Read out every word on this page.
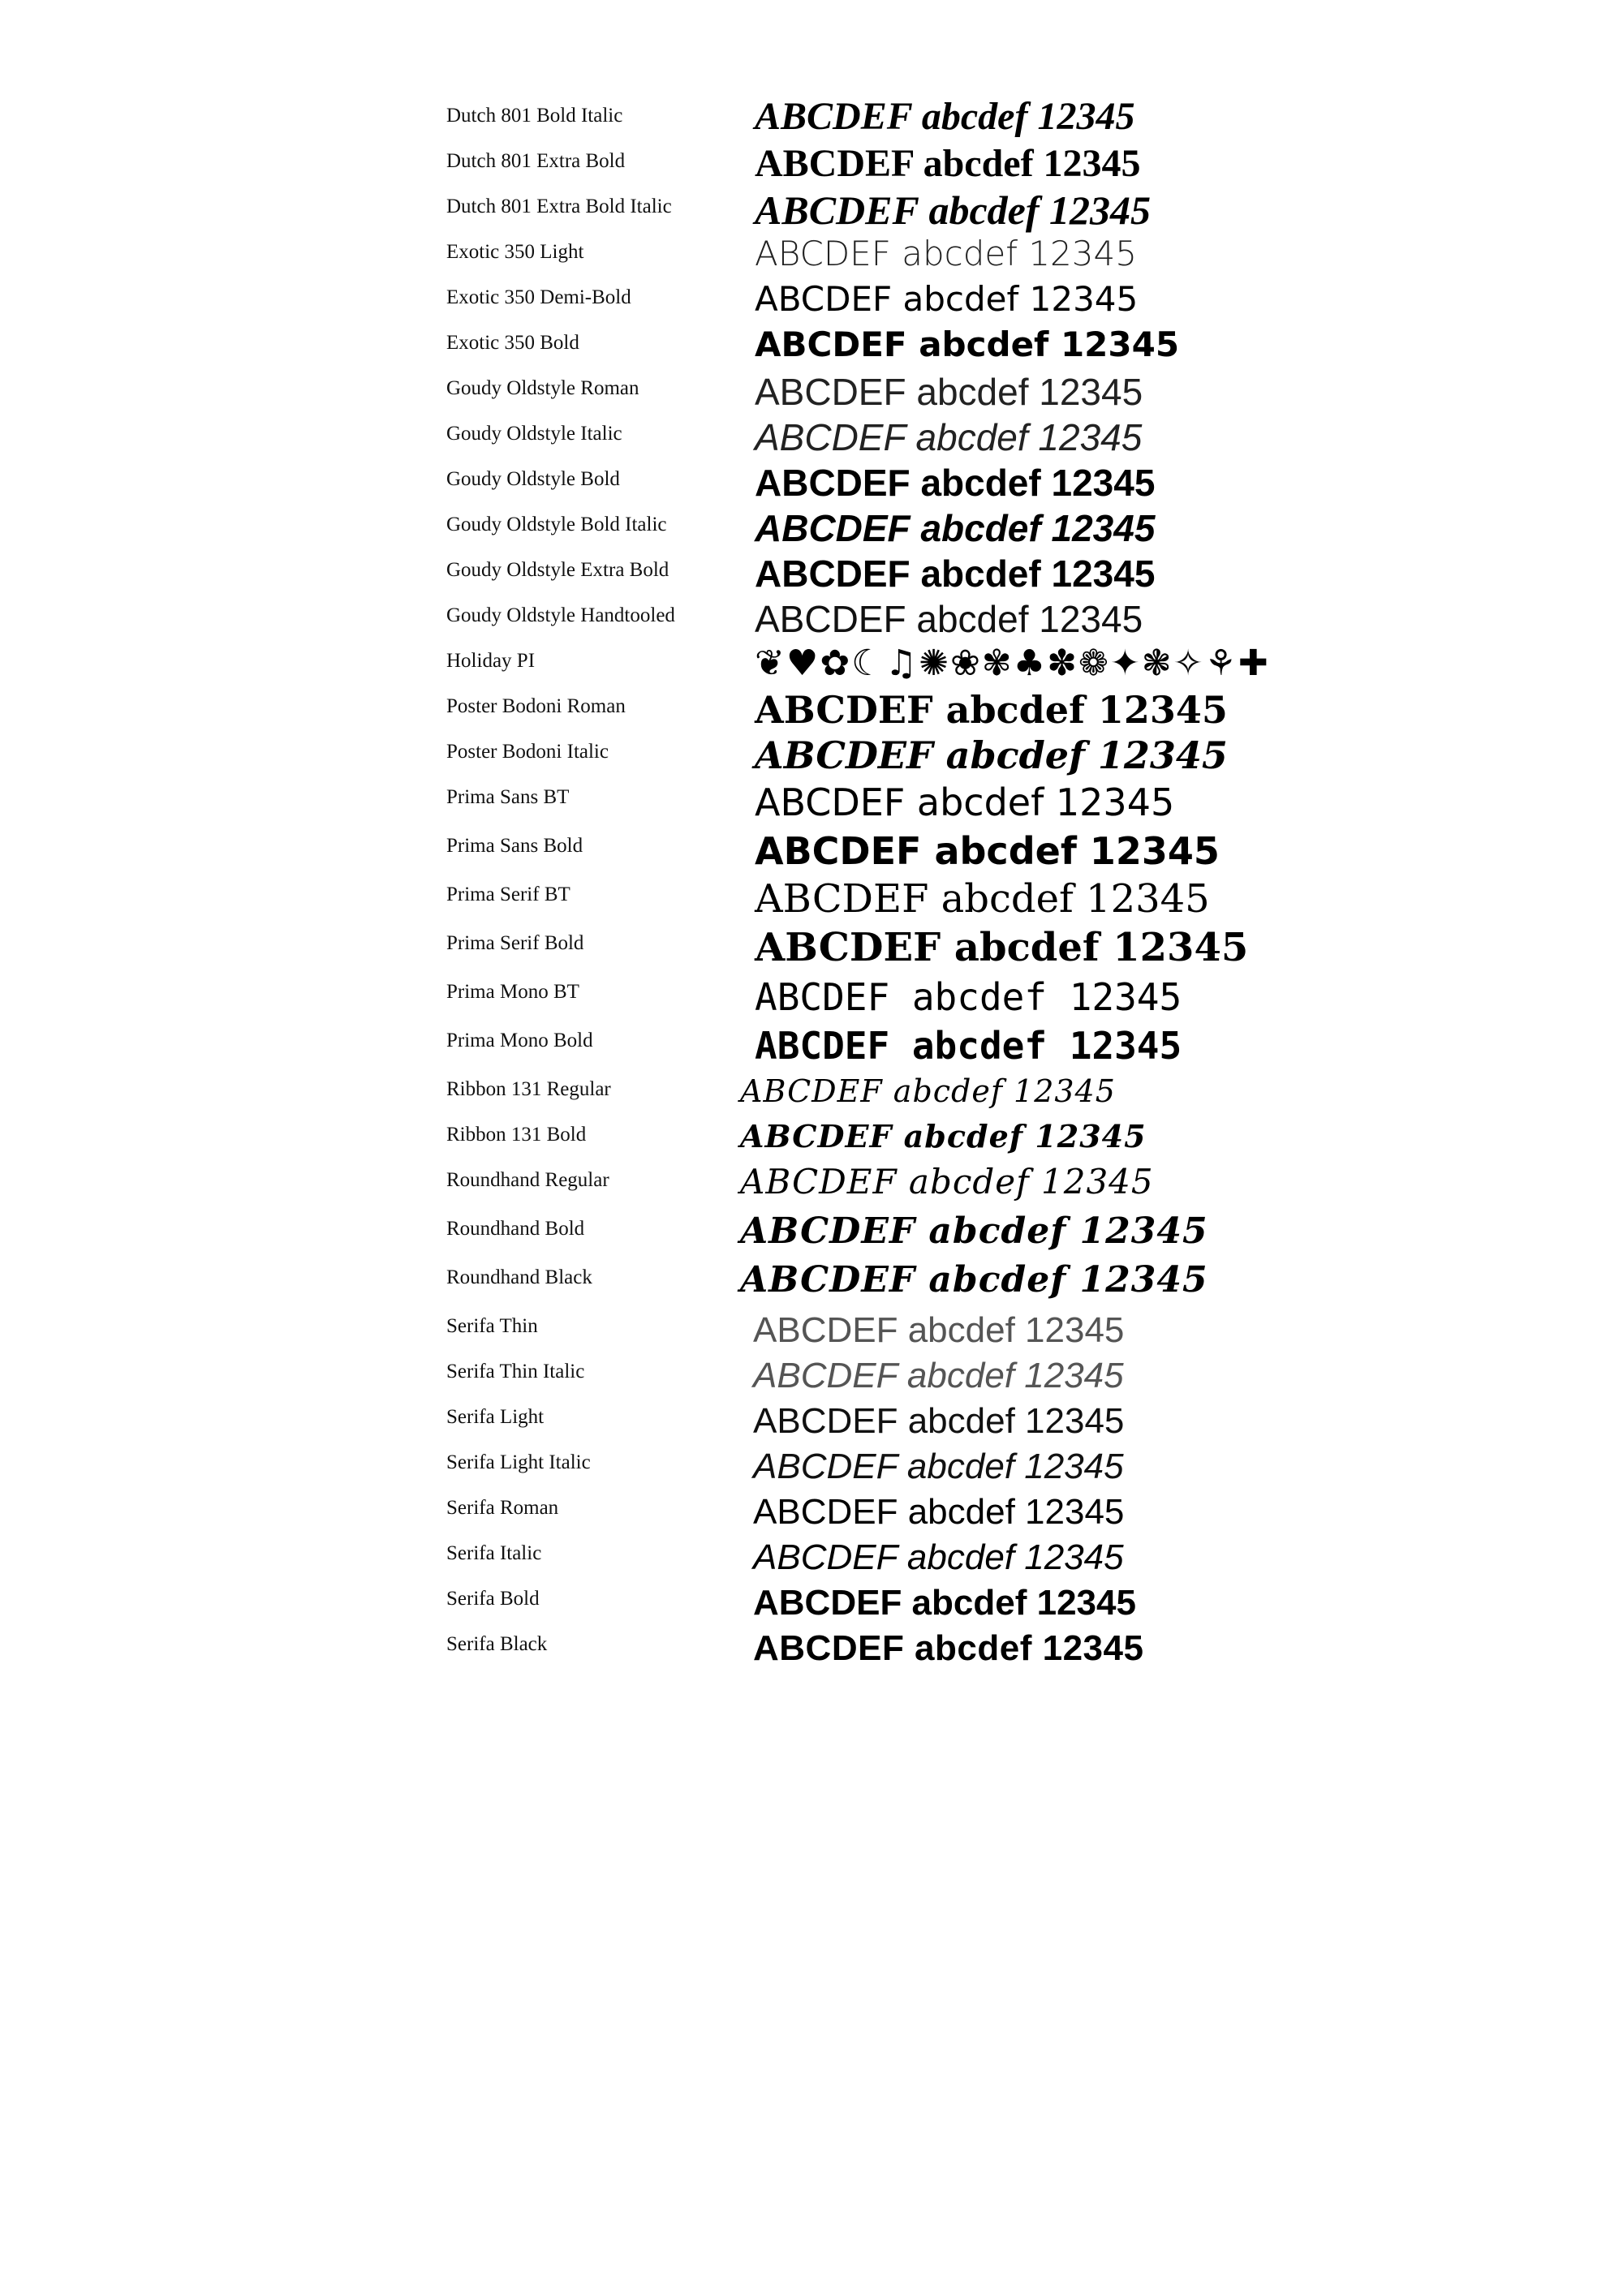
Dutch 801 Bold Italic	ABCDEF abcdef 12345
Dutch 801 Extra Bold	ABCDEF abcdef 12345
Dutch 801 Extra Bold Italic ABCDEF abcdef 12345
Exotic 350 Light	ABCDEF abcdef 12345
Exotic 350 Demi-Bold	ABCDEF abcdef 12345
Exotic 350 Bold	ABCDEF abcdef 12345
Goudy Oldstyle Roman	ABCDEF abcdef 12345
Goudy Oldstyle Italic	ABCDEF abcdef 12345
Goudy Oldstyle Bold	ABCDEF abcdef 12345
Goudy Oldstyle Bold Italic ABCDEF abcdef 12345
Goudy Oldstyle Extra Bold ABCDEF abcdef 12345
Goudy Oldstyle Handtooled ABCDEF abcdef 12345
Holiday PI	❦♥✿☾♫✺❀✾♣✽❁✦❃✧⚘✚
Poster Bodoni Roman	ABCDEF abcdef 12345
Poster Bodoni Italic	ABCDEF abcdef 12345
Prima Sans BT	ABCDEF abcdef 12345
Prima Sans Bold	ABCDEF abcdef 12345
Prima Serif BT	ABCDEF abcdef 12345
Prima Serif Bold	ABCDEF abcdef 12345
Prima Mono BT	ABCDEF abcdef 12345
Prima Mono Bold	ABCDEF abcdef 12345
Ribbon 131 Regular	ABCDEF abcdef 12345
Ribbon 131 Bold	ABCDEF abcdef 12345
Roundhand Regular	ABCDEF abcdef 12345
Roundhand Bold	ABCDEF abcdef 12345
Roundhand Black	ABCDEF abcdef 12345
Serifa Thin	ABCDEF abcdef 12345
Serifa Thin Italic	ABCDEF abcdef 12345
Serifa Light	ABCDEF abcdef 12345
Serifa Light Italic	ABCDEF abcdef 12345
Serifa Roman	ABCDEF abcdef 12345
Serifa Italic	ABCDEF abcdef 12345
Serifa Bold	ABCDEF abcdef 12345
Serifa Black	ABCDEF abcdef 12345
